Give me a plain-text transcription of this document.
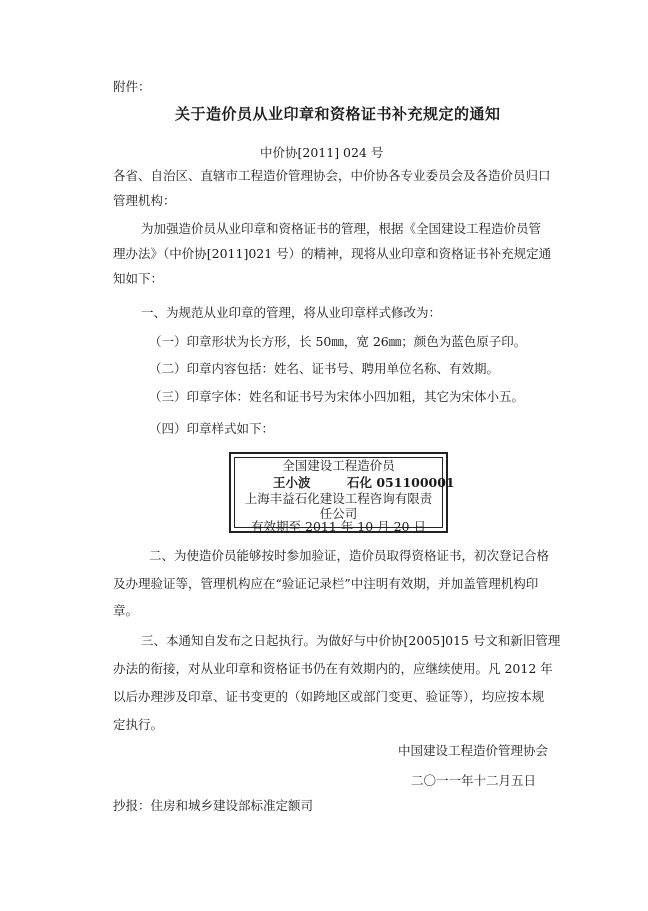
附件：
关于造价员从业印章和资格证书补充规定的通知
中价协[2011] 024 号
各省、自治区、直辖市工程造价管理协会，中价协各专业委员会及各造价员归口
管理机构：
为加强造价员从业印章和资格证书的管理，根据《全国建设工程造价员管
理办法》（中价协[2011]021 号）的精神，现将从业印章和资格证书补充规定通
知如下：
一、为规范从业印章的管理，将从业印章样式修改为：
（一）印章形状为长方形，长 50㎜，宽 26㎜；颜色为蓝色原子印。
（二）印章内容包括：姓名、证书号、聘用单位名称、有效期。
（三）印章字体：姓名和证书号为宋体小四加粗，其它为宋体小五。
（四）印章样式如下：
全国建设工程造价员
王小波	石化 051100001
上海丰益石化建设工程咨询有限责
任公司
有效期至 2011 年 10 月 20 日
二、为使造价员能够按时参加验证，造价员取得资格证书，初次登记合格
及办理验证等，管理机构应在“验证记录栏”中注明有效期，并加盖管理机构印
章。
三、本通知自发布之日起执行。为做好与中价协[2005]015 号文和新旧管理
办法的衔接，对从业印章和资格证书仍在有效期内的，应继续使用。凡 2012 年
以后办理涉及印章、证书变更的（如跨地区或部门变更、验证等），均应按本规
定执行。
中国建设工程造价管理协会
二〇一一年十二月五日
抄报：住房和城乡建设部标准定额司
